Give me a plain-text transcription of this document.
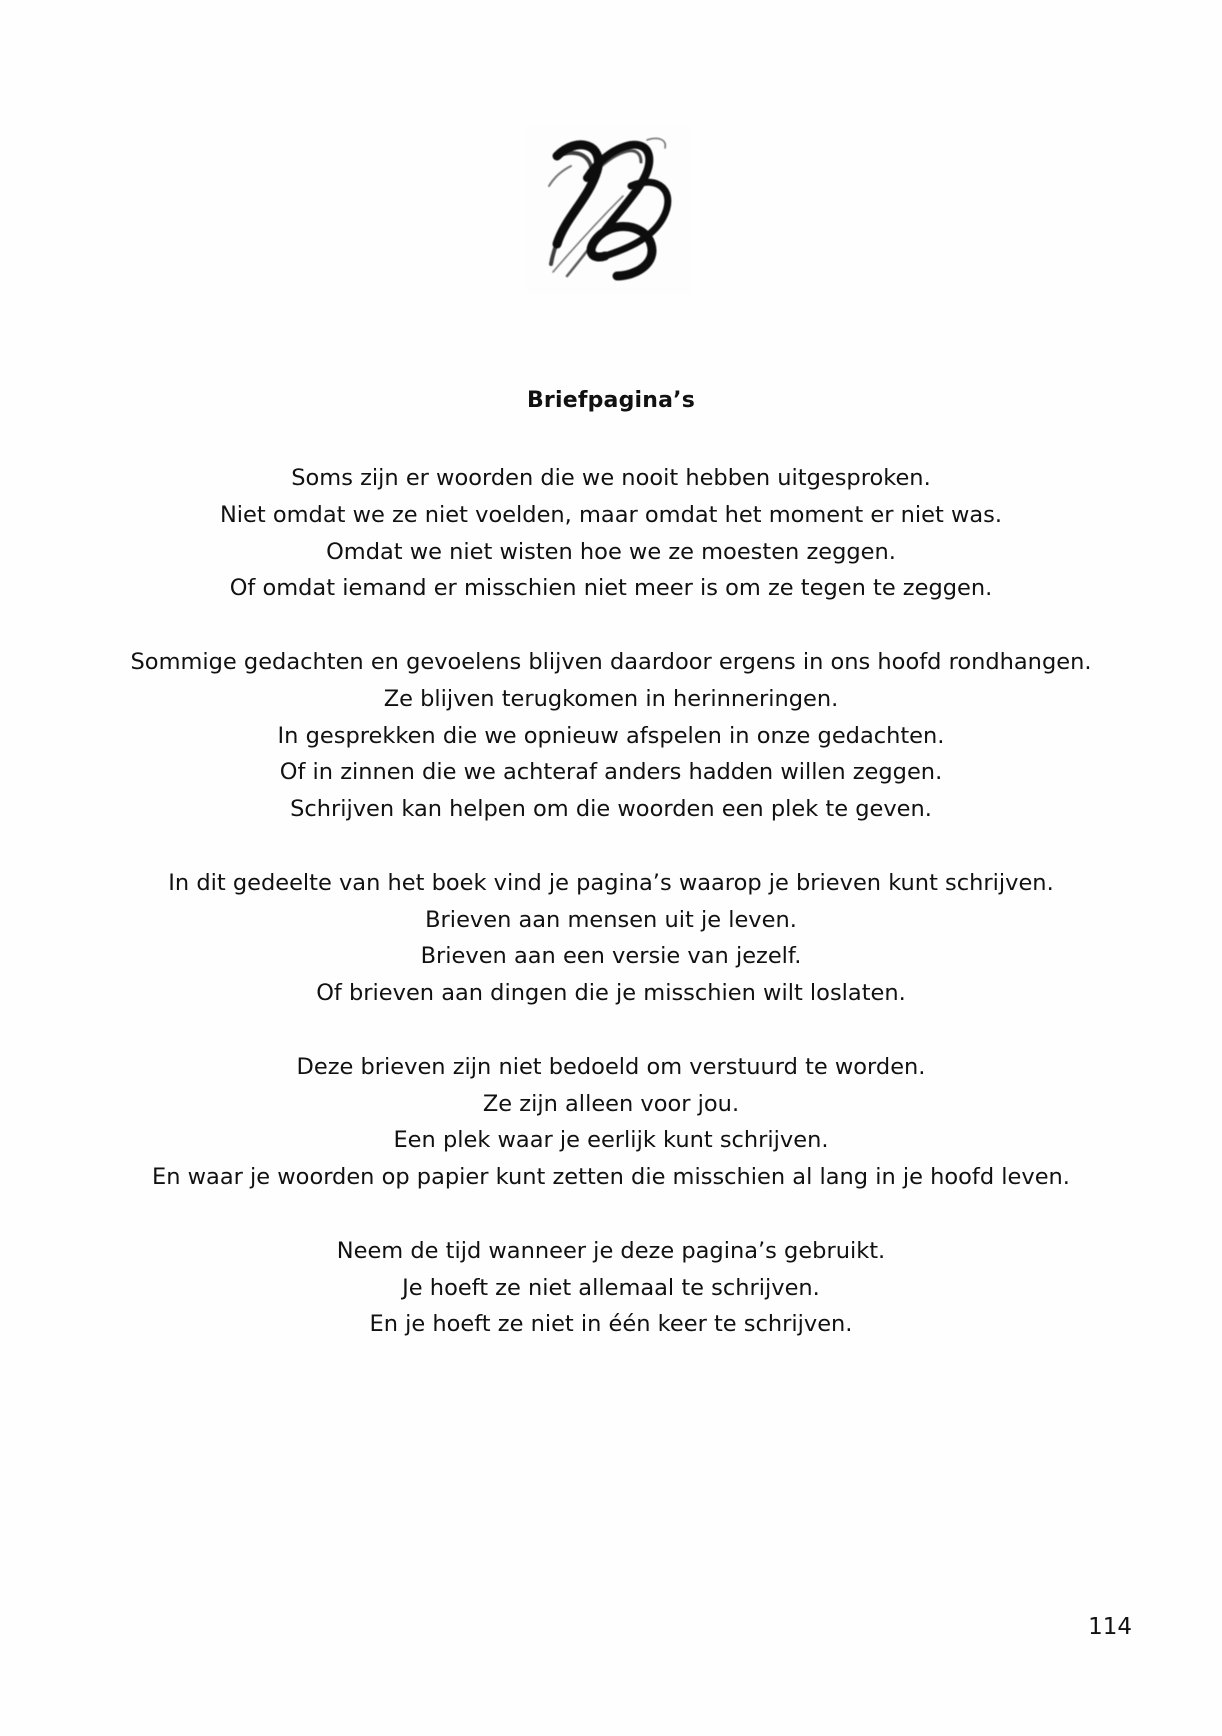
Briefpagina’s

Soms zijn er woorden die we nooit hebben uitgesproken.
Niet omdat we ze niet voelden, maar omdat het moment er niet was.
Omdat we niet wisten hoe we ze moesten zeggen.
Of omdat iemand er misschien niet meer is om ze tegen te zeggen.

Sommige gedachten en gevoelens blijven daardoor ergens in ons hoofd rondhangen.
Ze blijven terugkomen in herinneringen.
In gesprekken die we opnieuw afspelen in onze gedachten.
Of in zinnen die we achteraf anders hadden willen zeggen.
Schrijven kan helpen om die woorden een plek te geven.

In dit gedeelte van het boek vind je pagina’s waarop je brieven kunt schrijven.
Brieven aan mensen uit je leven.
Brieven aan een versie van jezelf.
Of brieven aan dingen die je misschien wilt loslaten.

Deze brieven zijn niet bedoeld om verstuurd te worden.
Ze zijn alleen voor jou.
Een plek waar je eerlijk kunt schrijven.
En waar je woorden op papier kunt zetten die misschien al lang in je hoofd leven.

Neem de tijd wanneer je deze pagina’s gebruikt.
Je hoeft ze niet allemaal te schrijven.
En je hoeft ze niet in één keer te schrijven.

114
